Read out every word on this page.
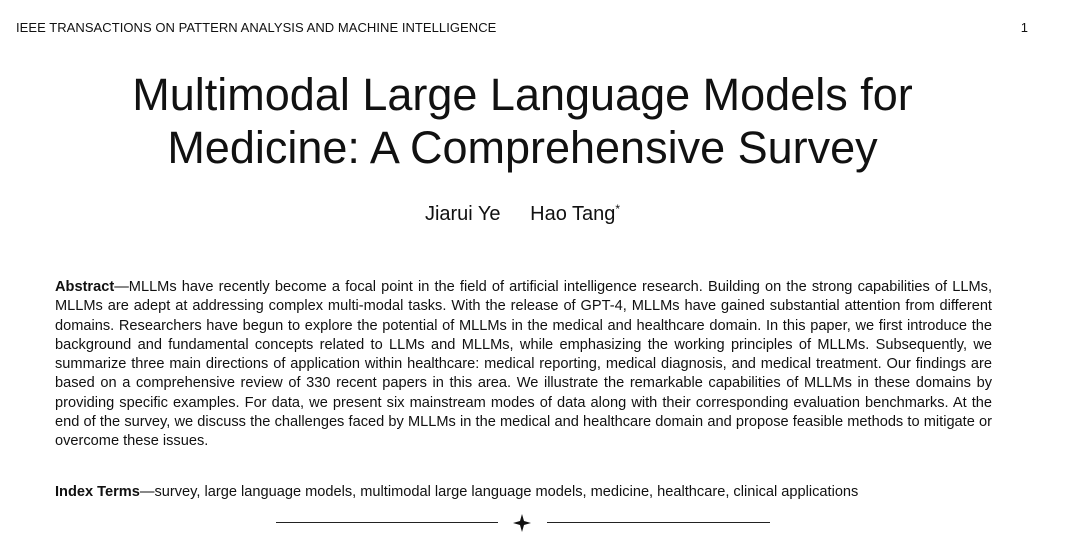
IEEE TRANSACTIONS ON PATTERN ANALYSIS AND MACHINE INTELLIGENCE	1
Multimodal Large Language Models for
Medicine: A Comprehensive Survey
Jiarui Ye Hao Tang*

Abstract—MLLMs have recently become a focal point in the field of artificial intelligence research. Building on the strong capabilities of LLMs, MLLMs are adept at addressing complex multi-modal tasks. With the release of GPT-4, MLLMs have gained substantial attention from different domains. Researchers have begun to explore the potential of MLLMs in the medical and healthcare domain. In this paper, we first introduce the background and fundamental concepts related to LLMs and MLLMs, while emphasizing the working principles of MLLMs. Subsequently, we summarize three main directions of application within healthcare: medical reporting, medical diagnosis, and medical treatment. Our findings are based on a comprehensive review of 330 recent papers in this area. We illustrate the remarkable capabilities of MLLMs in these domains by providing specific examples. For data, we present six mainstream modes of data along with their corresponding evaluation benchmarks. At the end of the survey, we discuss the challenges faced by MLLMs in the medical and healthcare domain and propose feasible methods to mitigate or overcome these issues.

Index Terms—survey, large language models, multimodal large language models, medicine, healthcare, clinical applications
